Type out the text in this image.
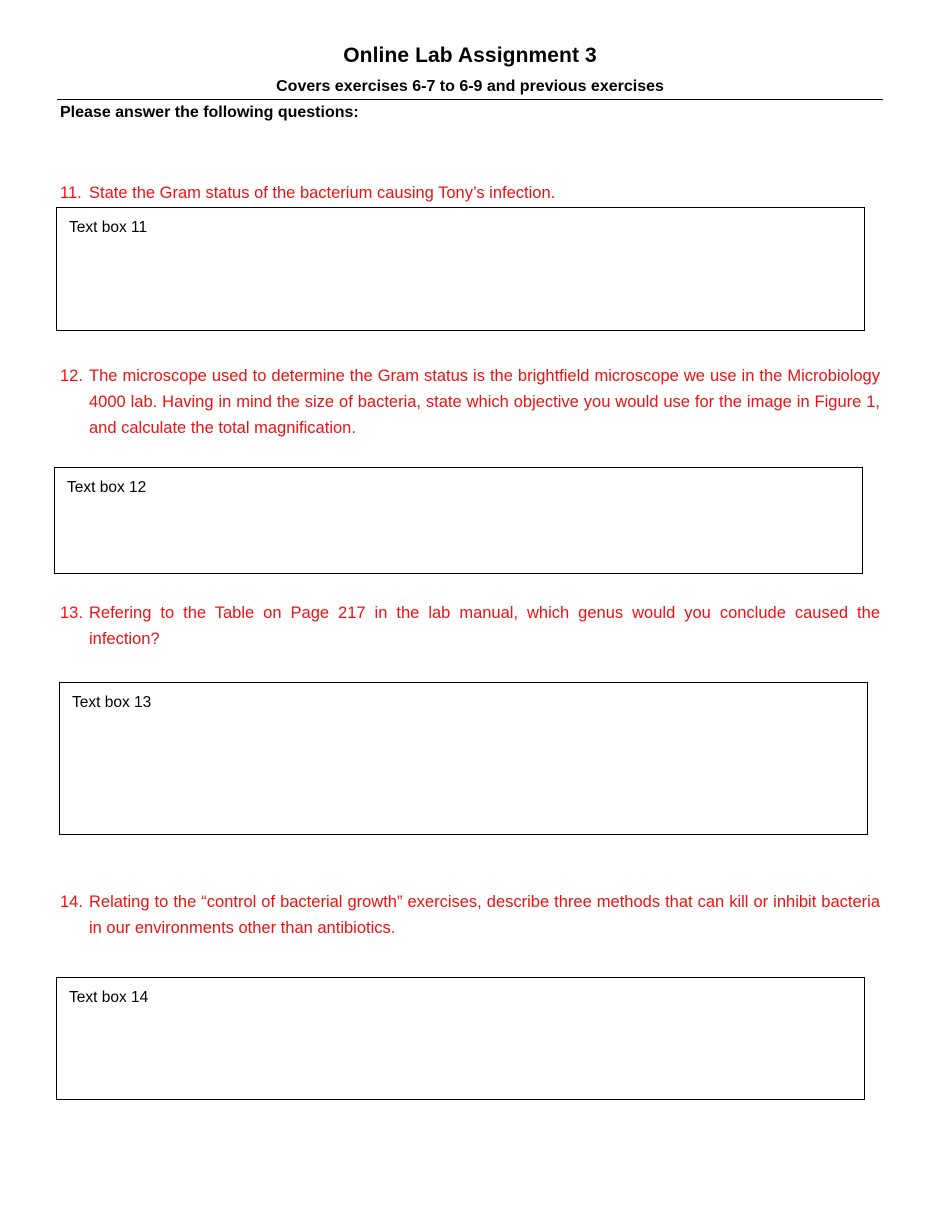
Online Lab Assignment 3
Covers exercises 6-7 to 6-9 and previous exercises
Please answer the following questions:
11. State the Gram status of the bacterium causing Tony’s infection.
Text box 11
12. The microscope used to determine the Gram status is the brightfield microscope we use in the Microbiology 4000 lab. Having in mind the size of bacteria, state which objective you would use for the image in Figure 1, and calculate the total magnification.
Text box 12
13. Refering to the Table on Page 217 in the lab manual, which genus would you conclude caused the infection?
Text box 13
14. Relating to the “control of bacterial growth” exercises, describe three methods that can kill or inhibit bacteria in our environments other than antibiotics.
Text box 14
